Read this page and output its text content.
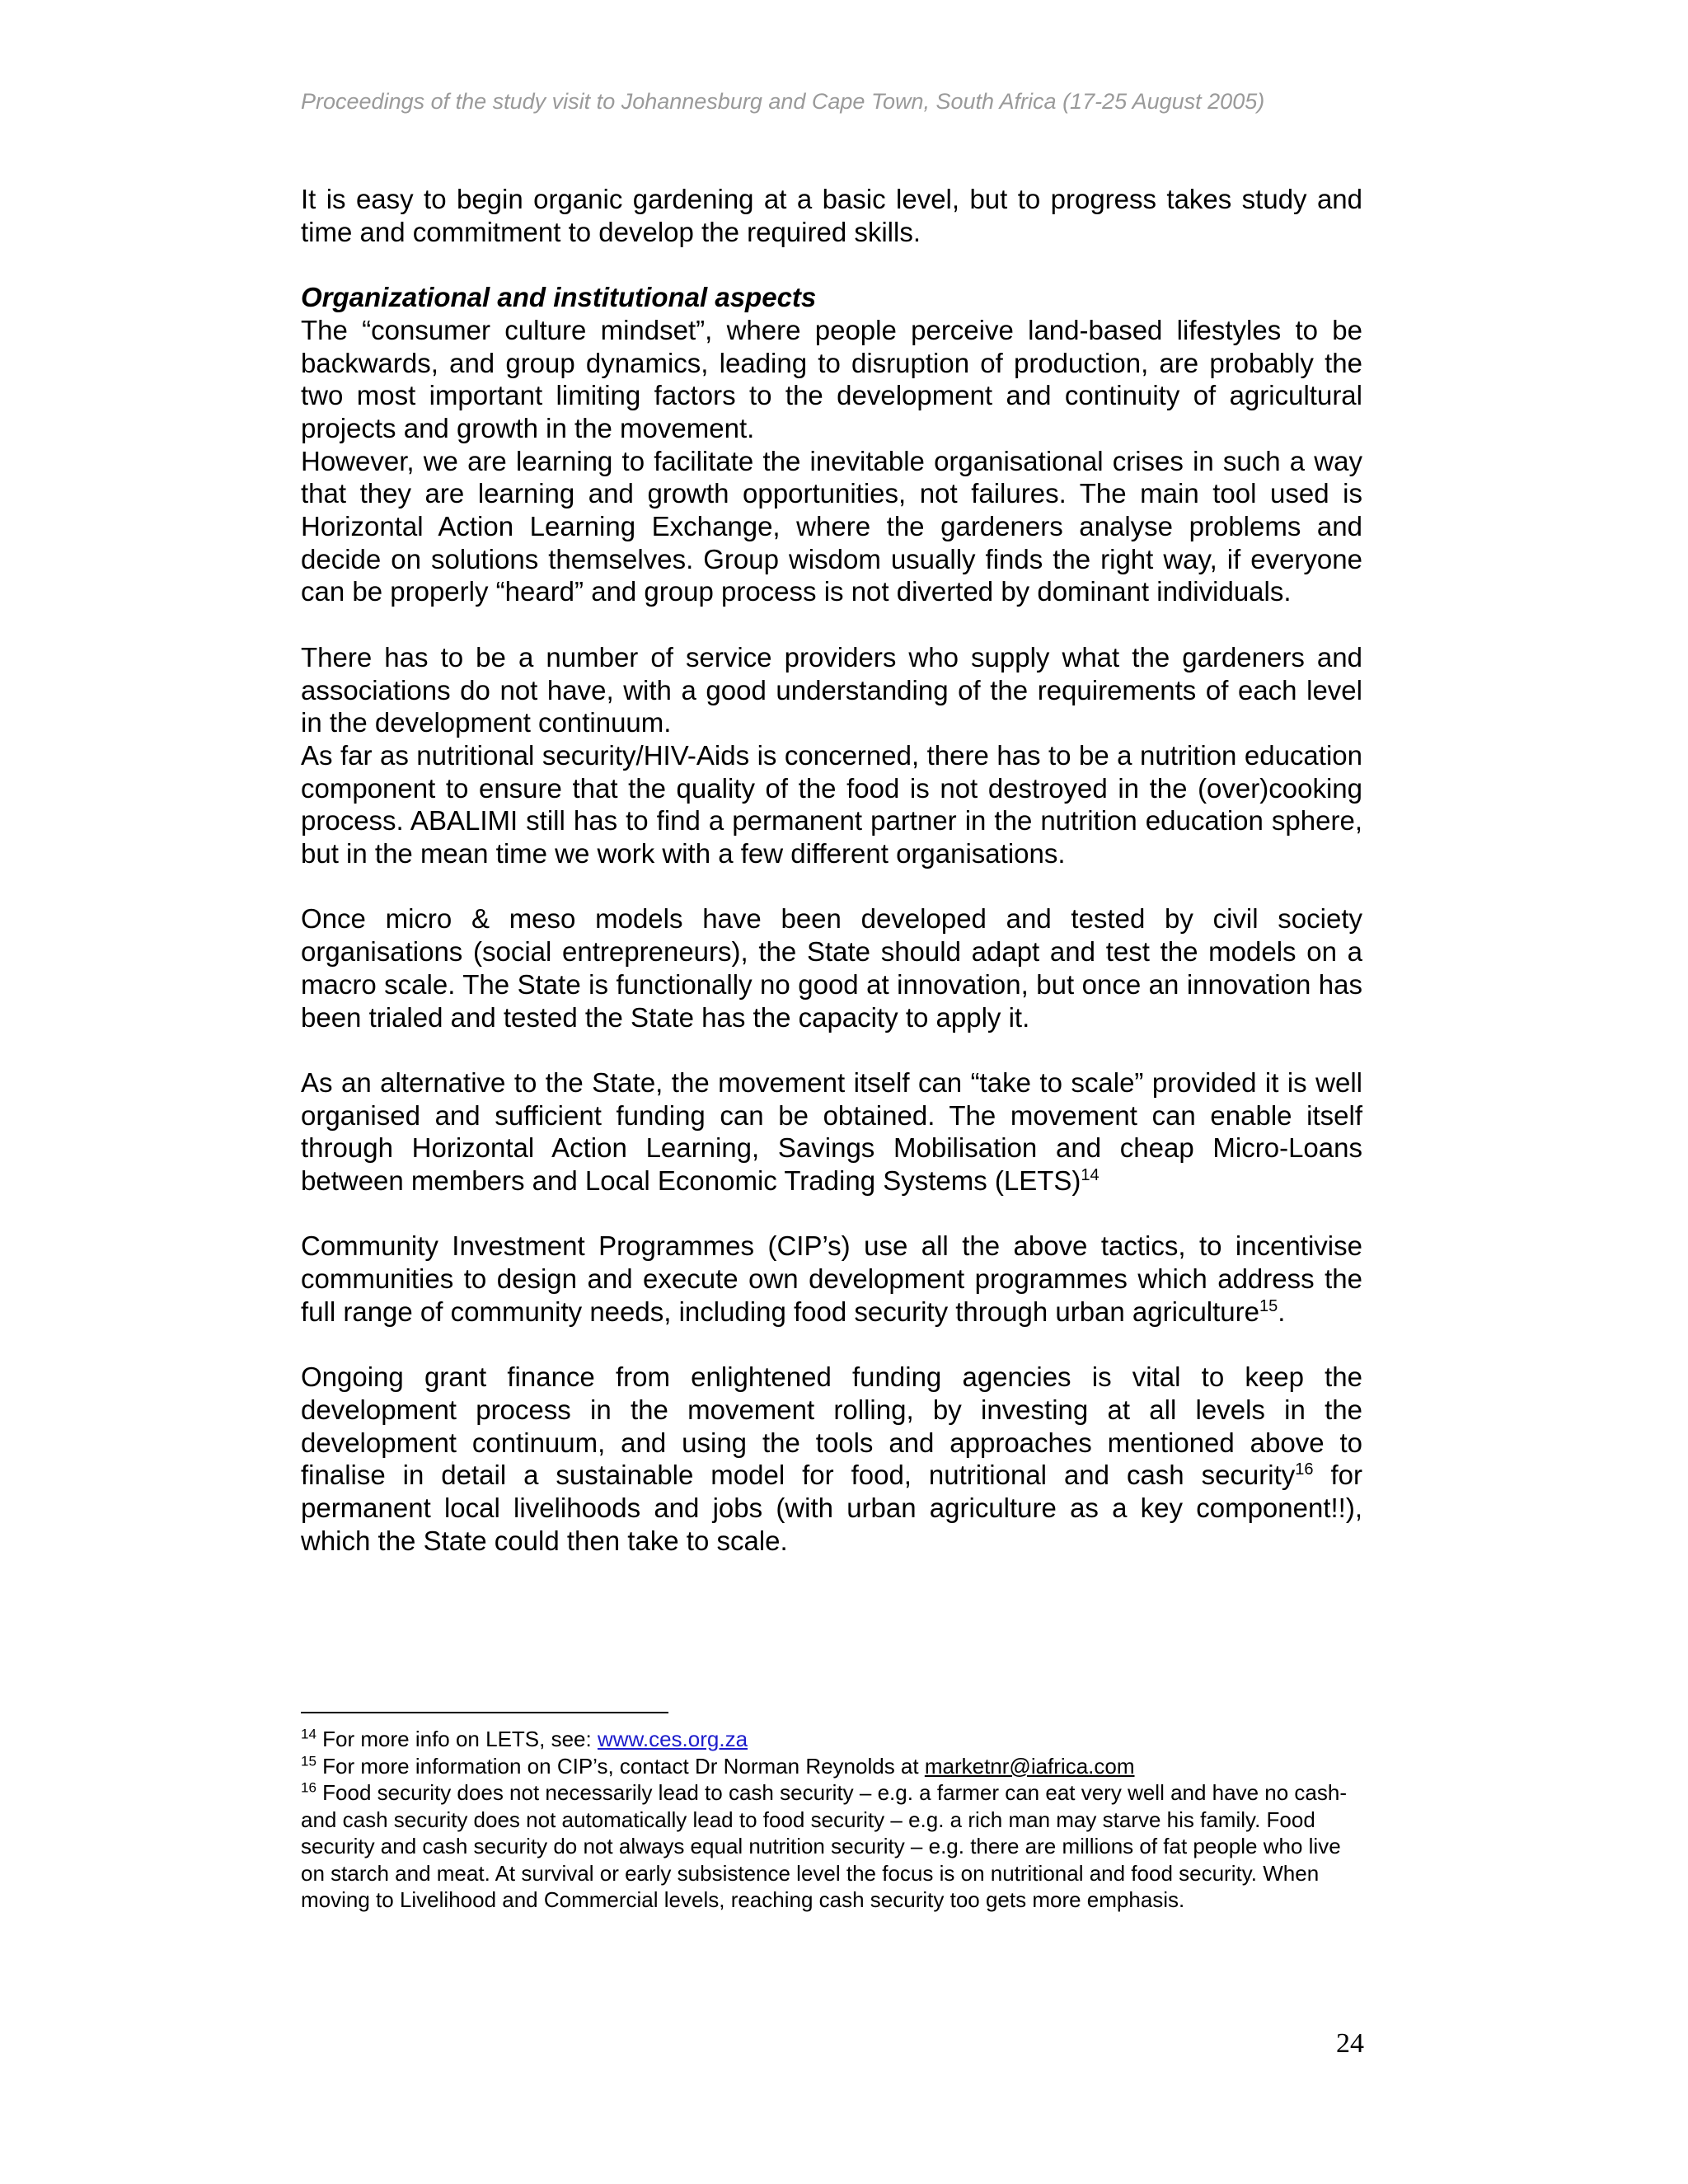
Proceedings of the study visit to Johannesburg and Cape Town, South Africa (17-25 August 2005)

It is easy to begin organic gardening at a basic level, but to progress takes study and time and commitment to develop the required skills.

Organizational and institutional aspects

The “consumer culture mindset”, where people perceive land-based lifestyles to be backwards, and group dynamics, leading to disruption of production, are probably the two most important limiting factors to the development and continuity of agricultural projects and growth in the movement.

However, we are learning to facilitate the inevitable organisational crises in such a way that they are learning and growth opportunities, not failures. The main tool used is Horizontal Action Learning Exchange, where the gardeners analyse problems and decide on solutions themselves. Group wisdom usually finds the right way, if everyone can be properly “heard” and group process is not diverted by dominant individuals.

There has to be a number of service providers who supply what the gardeners and associations do not have, with a good understanding of the requirements of each level in the development continuum.

As far as nutritional security/HIV-Aids is concerned, there has to be a nutrition education component to ensure that the quality of the food is not destroyed in the (over)cooking process. ABALIMI still has to find a permanent partner in the nutrition education sphere, but in the mean time we work with a few different organisations.

Once micro & meso models have been developed and tested by civil society organisations (social entrepreneurs), the State should adapt and test the models on a macro scale. The State is functionally no good at innovation, but once an innovation has been trialed and tested the State has the capacity to apply it.

As an alternative to the State, the movement itself can “take to scale” provided it is well organised and sufficient funding can be obtained. The movement can enable itself through Horizontal Action Learning, Savings Mobilisation and cheap Micro-Loans between members and Local Economic Trading Systems (LETS)$^{14}$

Community Investment Programmes (CIP’s) use all the above tactics, to incentivise communities to design and execute own development programmes which address the full range of community needs, including food security through urban agriculture$^{15}$.

Ongoing grant finance from enlightened funding agencies is vital to keep the development process in the movement rolling, by investing at all levels in the development continuum, and using the tools and approaches mentioned above to finalise in detail a sustainable model for food, nutritional and cash security$^{16}$ for permanent local livelihoods and jobs (with urban agriculture as a key component!!), which the State could then take to scale.

$^{14}$ For more info on LETS, see: www.ces.org.za

$^{15}$ For more information on CIP’s, contact Dr Norman Reynolds at marketnr@iafrica.com

$^{16}$ Food security does not necessarily lead to cash security – e.g. a farmer can eat very well and have no cash- and cash security does not automatically lead to food security – e.g. a rich man may starve his family. Food security and cash security do not always equal nutrition security – e.g. there are millions of fat people who live on starch and meat. At survival or early subsistence level the focus is on nutritional and food security. When moving to Livelihood and Commercial levels, reaching cash security too gets more emphasis.

24
